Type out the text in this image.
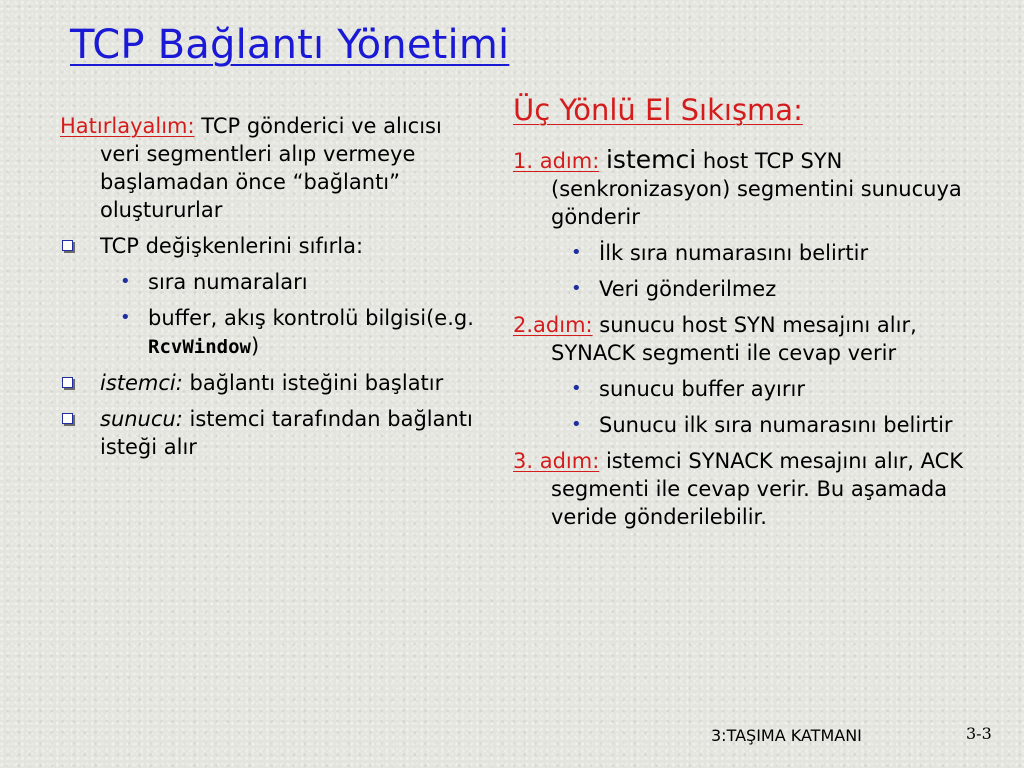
TCP Bağlantı Yönetimi
Hatırlayalım: TCP gönderici ve alıcısı veri segmentleri alıp vermeye başlamadan önce “bağlantı” oluştururlar
TCP değişkenlerini sıfırla:
• sıra numaraları
• buffer, akış kontrolü bilgisi(e.g. RcvWindow)
istemci: bağlantı isteğini başlatır
sunucu: istemci tarafından bağlantı isteği alır
Üç Yönlü El Sıkışma:
1. adım: istemci host TCP SYN (senkronizasyon) segmentini sunucuya gönderir
• İlk sıra numarasını belirtir
• Veri gönderilmez
2.adım: sunucu host SYN mesajını alır, SYNACK segmenti ile cevap verir
• sunucu buffer ayırır
• Sunucu ilk sıra numarasını belirtir
3. adım: istemci SYNACK mesajını alır, ACK segmenti ile cevap verir. Bu aşamada veride gönderilebilir.
3:TAŞIMA KATMANI	3-3
